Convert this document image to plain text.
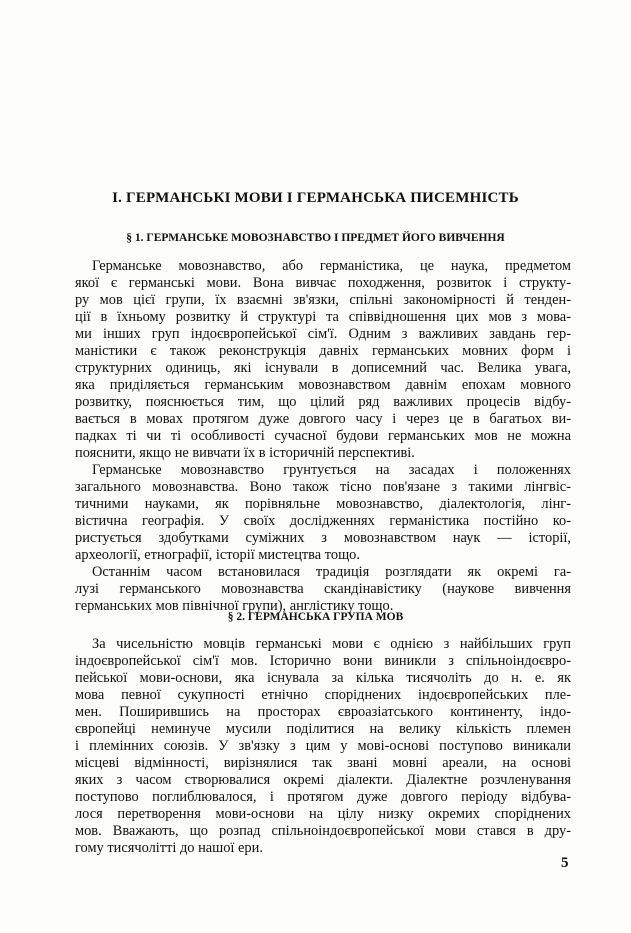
I. ГЕРМАНСЬКІ МОВИ І ГЕРМАНСЬКА ПИСЕМНІСТЬ
§ 1. ГЕРМАНСЬКЕ МОВОЗНАВСТВО І ПРЕДМЕТ ЙОГО ВИВЧЕННЯ
Германське мовознавство, або германістика, це наука, предметом
якої є германські мови. Вона вивчає походження, розвиток і структу-
ру мов цієї групи, їх взаємні зв'язки, спільні закономірності й тенден-
ції в їхньому розвитку й структурі та співвідношення цих мов з мова-
ми інших груп індоєвропейської сім'ї. Одним з важливих завдань гер-
маністики є також реконструкція давніх германських мовних форм і
структурних одиниць, які існували в дописемний час. Велика увага,
яка приділяється германським мовознавством давнім епохам мовного
розвитку, пояснюється тим, що цілий ряд важливих процесів відбу-
вається в мовах протягом дуже довгого часу і через це в багатьох ви-
падках ті чи ті особливості сучасної будови германських мов не можна
пояснити, якщо не вивчати їх в історичній перспективі.
Германське мовознавство грунтується на засадах і положеннях
загального мовознавства. Воно також тісно пов'язане з такими лінгвіс-
тичними науками, як порівняльне мовознавство, діалектологія, лінг-
вістична географія. У своїх дослідженнях германістика постійно ко-
ристується здобутками суміжних з мовознавством наук — історії,
археології, етнографії, історії мистецтва тощо.
Останнім часом встановилася традиція розглядати як окремі га-
лузі германського мовознавства скандінавістику (наукове вивчення
германських мов північної групи), англістику тощо.
§ 2. ГЕРМАНСЬКА ГРУПА МОВ
За чисельністю мовців германські мови є однією з найбільших груп
індоєвропейської сім'ї мов. Історично вони виникли з спільноіндоєвро-
пейської мови-основи, яка існувала за кілька тисячоліть до н. е. як
мова певної сукупності етнічно споріднених індоєвропейських пле-
мен. Поширившись на просторах євроазіатського континенту, індо-
європейці неминуче мусили поділитися на велику кількість племен
і племінних союзів. У зв'язку з цим у мові-основі поступово виникали
місцеві відмінності, вирізнялися так звані мовні ареали, на основі
яких з часом створювалися окремі діалекти. Діалектне розчленування
поступово поглиблювалося, і протягом дуже довгого періоду відбува-
лося перетворення мови-основи на цілу низку окремих споріднених
мов. Вважають, що розпад спільноіндоєвропейської мови стався в дру-
гому тисячолітті до нашої ери.
5
